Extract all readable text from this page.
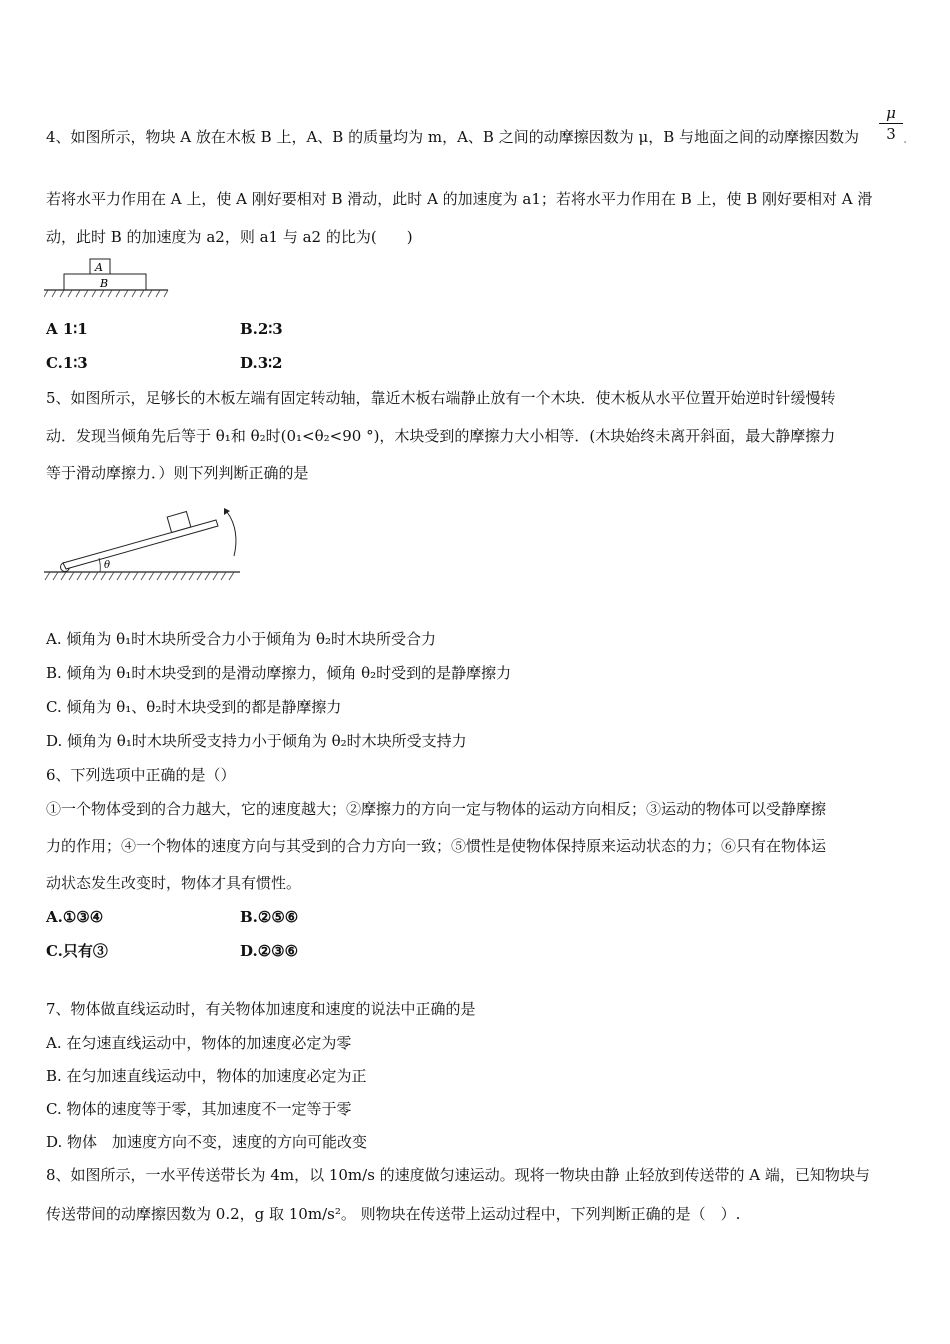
4、如图所示，物块 A 放在木板 B 上，A、B 的质量均为 m，A、B 之间的动摩擦因数为 μ，B 与地面之间的动摩擦因数为
μ
3 .
若将水平力作用在 A 上，使 A 刚好要相对 B 滑动，此时 A 的加速度为 a1；若将水平力作用在 B 上，使 B 刚好要相对 A 滑
动，此时 B 的加速度为 a2，则 a1 与 a2 的比为(　　)
A
B
A 1∶1	B.2∶3
C.1∶3	D.3∶2
5、如图所示，足够长的木板左端有固定转动轴，靠近木板右端静止放有一个木块．使木板从水平位置开始逆时针缓慢转
动．发现当倾角先后等于 θ₁和 θ₂时(0₁<θ₂<90 °)，木块受到的摩擦力大小相等．(木块始终未离开斜面，最大静摩擦力
等于滑动摩擦力．）则下列判断正确的是
θ
A. 倾角为 θ₁时木块所受合力小于倾角为 θ₂时木块所受合力
B. 倾角为 θ₁时木块受到的是滑动摩擦力，倾角 θ₂时受到的是静摩擦力
C. 倾角为 θ₁、θ₂时木块受到的都是静摩擦力
D. 倾角为 θ₁时木块所受支持力小于倾角为 θ₂时木块所受支持力
6、下列选项中正确的是（）
①一个物体受到的合力越大，它的速度越大；②摩擦力的方向一定与物体的运动方向相反；③运动的物体可以受静摩擦
力的作用；④一个物体的速度方向与其受到的合力方向一致；⑤惯性是使物体保持原来运动状态的力；⑥只有在物体运
动状态发生改变时，物体才具有惯性。
A.①③④	B.②⑤⑥
C.只有③	D.②③⑥
7、物体做直线运动时，有关物体加速度和速度的说法中正确的是
A. 在匀速直线运动中，物体的加速度必定为零
B. 在匀加速直线运动中，物体的加速度必定为正
C. 物体的速度等于零，其加速度不一定等于零
D. 物体　加速度方向不变，速度的方向可能改变
8、如图所示，一水平传送带长为 4m，以 10m/s 的速度做匀速运动。现将一物块由静 止轻放到传送带的 A 端，已知物块与
传送带间的动摩擦因数为 0.2，g 取 10m/s²。 则物块在传送带上运动过程中，下列判断正确的是（　）.
